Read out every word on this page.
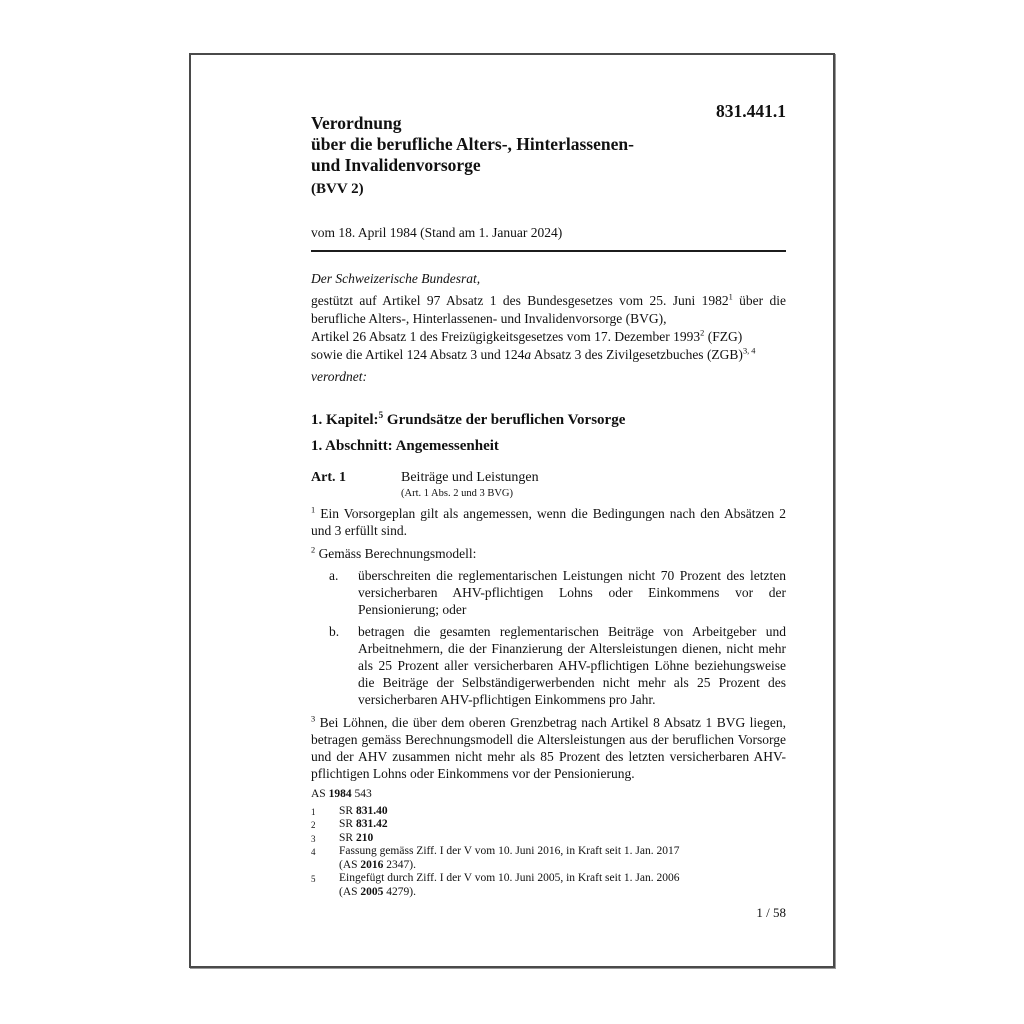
831.441.1
Verordnung
über die berufliche Alters-, Hinterlassenen-
und Invalidenvorsorge
(BVV 2)
vom 18. April 1984 (Stand am 1. Januar 2024)

Der Schweizerische Bundesrat,

gestützt auf Artikel 97 Absatz 1 des Bundesgesetzes vom 25. Juni 1982$^1$ über die berufliche Alters-, Hinterlassenen- und Invalidenvorsorge (BVG),
Artikel 26 Absatz 1 des Freizügigkeitsgesetzes vom 17. Dezember 1993$^2$ (FZG)
sowie die Artikel 124 Absatz 3 und 124a Absatz 3 des Zivilgesetzbuches (ZGB)$^{3, 4}$

verordnet:

1. Kapitel:$^5$ Grundsätze der beruflichen Vorsorge
1. Abschnitt: Angemessenheit
Art. 1	Beiträge und Leistungen
(Art. 1 Abs. 2 und 3 BVG)

$^1$ Ein Vorsorgeplan gilt als angemessen, wenn die Bedingungen nach den Absätzen 2 und 3 erfüllt sind.

$^2$ Gemäss Berechnungsmodell:

a.	überschreiten die reglementarischen Leistungen nicht 70 Prozent des letzten versicherbaren AHV-pflichtigen Lohns oder Einkommens vor der Pensionierung; oder
b.	betragen die gesamten reglementarischen Beiträge von Arbeitgeber und Arbeitnehmern, die der Finanzierung der Altersleistungen dienen, nicht mehr als 25 Prozent aller versicherbaren AHV-pflichtigen Löhne beziehungsweise die Beiträge der Selbständigerwerbenden nicht mehr als 25 Prozent des versicherbaren AHV-pflichtigen Einkommens pro Jahr.

$^3$ Bei Löhnen, die über dem oberen Grenzbetrag nach Artikel 8 Absatz 1 BVG liegen, betragen gemäss Berechnungsmodell die Altersleistungen aus der beruflichen Vorsorge und der AHV zusammen nicht mehr als 85 Prozent des letzten versicherbaren AHV-pflichtigen Lohns oder Einkommens vor der Pensionierung.

AS 1984 543
1	SR 831.40
2	SR 831.42
3	SR 210
4	Fassung gemäss Ziff. I der V vom 10. Juni 2016, in Kraft seit 1. Jan. 2017
(AS 2016 2347).
5	Eingefügt durch Ziff. I der V vom 10. Juni 2005, in Kraft seit 1. Jan. 2006
(AS 2005 4279).
1 / 58
